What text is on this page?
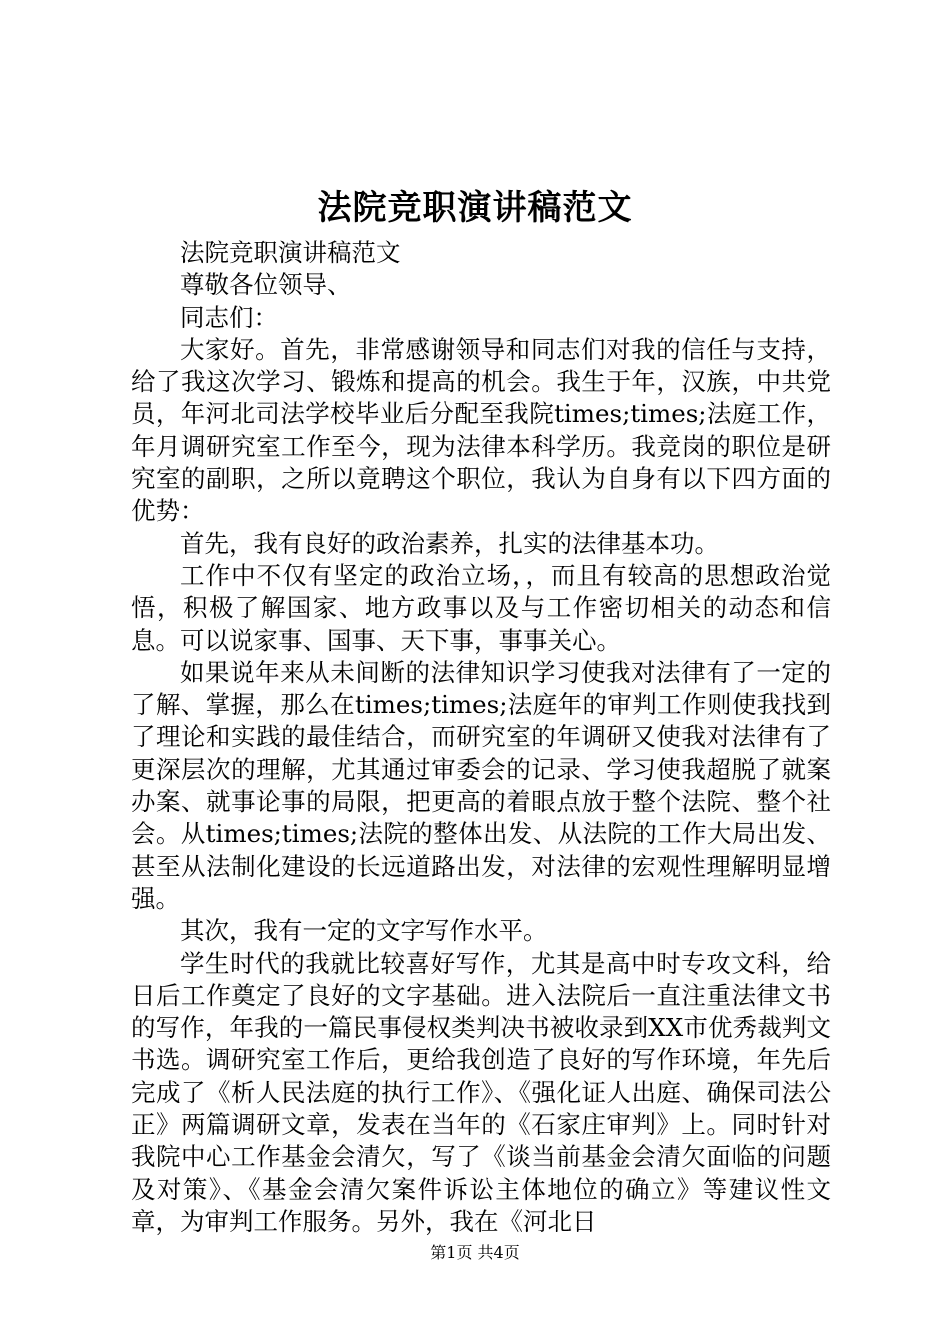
法院竞职演讲稿范文

法院竞职演讲稿范文

尊敬各位领导、

同志们：

大家好。首先，非常感谢领导和同志们对我的信任与支持，给了我这次学习、锻炼和提高的机会。我生于年，汉族，中共党员，年河北司法学校毕业后分配至我院times;times;法庭工作，年月调研究室工作至今，现为法律本科学历。我竞岗的职位是研究室的副职，之所以竟聘这个职位，我认为自身有以下四方面的优势：

首先，我有良好的政治素养，扎实的法律基本功。

工作中不仅有坚定的政治立场，，而且有较高的思想政治觉悟，积极了解国家、地方政事以及与工作密切相关的动态和信息。可以说家事、国事、天下事，事事关心。

如果说年来从未间断的法律知识学习使我对法律有了一定的了解、掌握，那么在times;times;法庭年的审判工作则使我找到了理论和实践的最佳结合，而研究室的年调研又使我对法律有了更深层次的理解，尤其通过审委会的记录、学习使我超脱了就案办案、就事论事的局限，把更高的着眼点放于整个法院、整个社会。从times;times;法院的整体出发、从法院的工作大局出发、甚至从法制化建设的长远道路出发，对法律的宏观性理解明显增强。

其次，我有一定的文字写作水平。

学生时代的我就比较喜好写作，尤其是高中时专攻文科，给日后工作奠定了良好的文字基础。进入法院后一直注重法律文书的写作，年我的一篇民事侵权类判决书被收录到XX市优秀裁判文书选。调研究室工作后，更给我创造了良好的写作环境，年先后完成了《析人民法庭的执行工作》、《强化证人出庭、确保司法公正》两篇调研文章，发表在当年的《石家庄审判》上。同时针对我院中心工作基金会清欠，写了《谈当前基金会清欠面临的问题及对策》、《基金会清欠案件诉讼主体地位的确立》等建议性文章，为审判工作服务。另外，我在《河北日

第1页 共4页
